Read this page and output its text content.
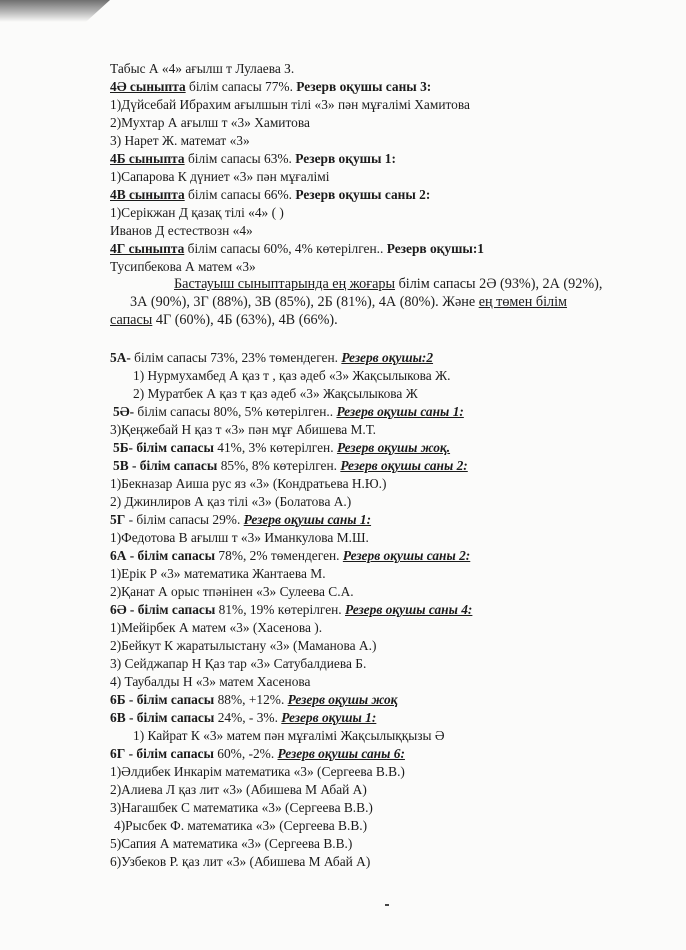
Табыс А «4» ағылш т Лулаева З.
4Ә сыныпта білім сапасы 77%. Резерв оқушы саны 3:
1)Дүйсебай Ибрахим ағылшын тілі «3» пән мұғалімі Хамитова
2)Мухтар А ағылш т «3» Хамитова
3) Нарет Ж. математ «3»
4Б сыныпта білім сапасы 63%. Резерв оқушы 1:
1)Сапарова К дүниет «3» пән мұғалімі
4В сыныпта білім сапасы 66%. Резерв оқушы саны 2:
1)Серікжан Д қазақ тілі «4» ( )
Иванов Д естествозн «4»
4Г сыныпта білім сапасы 60%, 4% көтерілген.. Резерв оқушы:1
Тусипбекова А матем «3»
Бастауыш сыныптарында ең жоғары білім сапасы 2Ә (93%), 2А (92%),
3А (90%), 3Г (88%), 3В (85%), 2Б (81%), 4А (80%). Және ең төмен білім
сапасы 4Г (60%), 4Б (63%), 4В (66%).
5А- білім сапасы 73%, 23% төмендеген. Резерв оқушы:2
1) Нурмухамбед А қаз т , қаз әдеб «3» Жақсылыкова Ж.
2) Муратбек А қаз т қаз әдеб «3» Жақсылыкова Ж
5Ә- білім сапасы 80%, 5% көтерілген.. Резерв оқушы саны 1:
3)Қеңжебай Н қаз т «3» пән мұғ Абишева М.Т.
5Б- білім сапасы 41%, 3% көтерілген. Резерв оқушы жоқ.
5В - білім сапасы 85%, 8% көтерілген. Резерв оқушы саны 2:
1)Бекназар Аиша рус яз «3» (Кондратьева Н.Ю.)
2) Джинлиров А қаз тілі «3» (Болатова А.)
5Г - білім сапасы 29%. Резерв оқушы саны 1:
1)Федотова В ағылш т «3» Иманкулова М.Ш.
6А - білім сапасы 78%, 2% төмендеген. Резерв оқушы саны 2:
1)Ерік Р «3» математика Жантаева М.
2)Қанат А орыс тпәнінен «3» Сулеева С.А.
6Ә - білім сапасы 81%, 19% көтерілген. Резерв оқушы саны 4:
1)Мейірбек А матем «3» (Хасенова ).
2)Бейкут К жаратылыстану «3» (Маманова А.)
3) Сейджапар Н Қаз тар «3» Сатубалдиева Б.
4) Таубалды Н «3» матем Хасенова
6Б - білім сапасы 88%, +12%. Резерв оқушы жоқ
6В - білім сапасы 24%, - 3%. Резерв оқушы 1:
1) Кайрат К «3» матем пән мұғалімі Жақсылыққызы Ә
6Г - білім сапасы 60%, -2%. Резерв оқушы саны 6:
1)Әлдибек Инкарім математика «3» (Сергеева В.В.)
2)Алиева Л қаз лит «3» (Абишева М Абай А)
3)Нагашбек С математика «3» (Сергеева В.В.)
4)Рысбек Ф. математика «3» (Сергеева В.В.)
5)Сапия А математика «3» (Сергеева В.В.)
6)Узбеков Р. қаз лит «3» (Абишева М Абай А)
